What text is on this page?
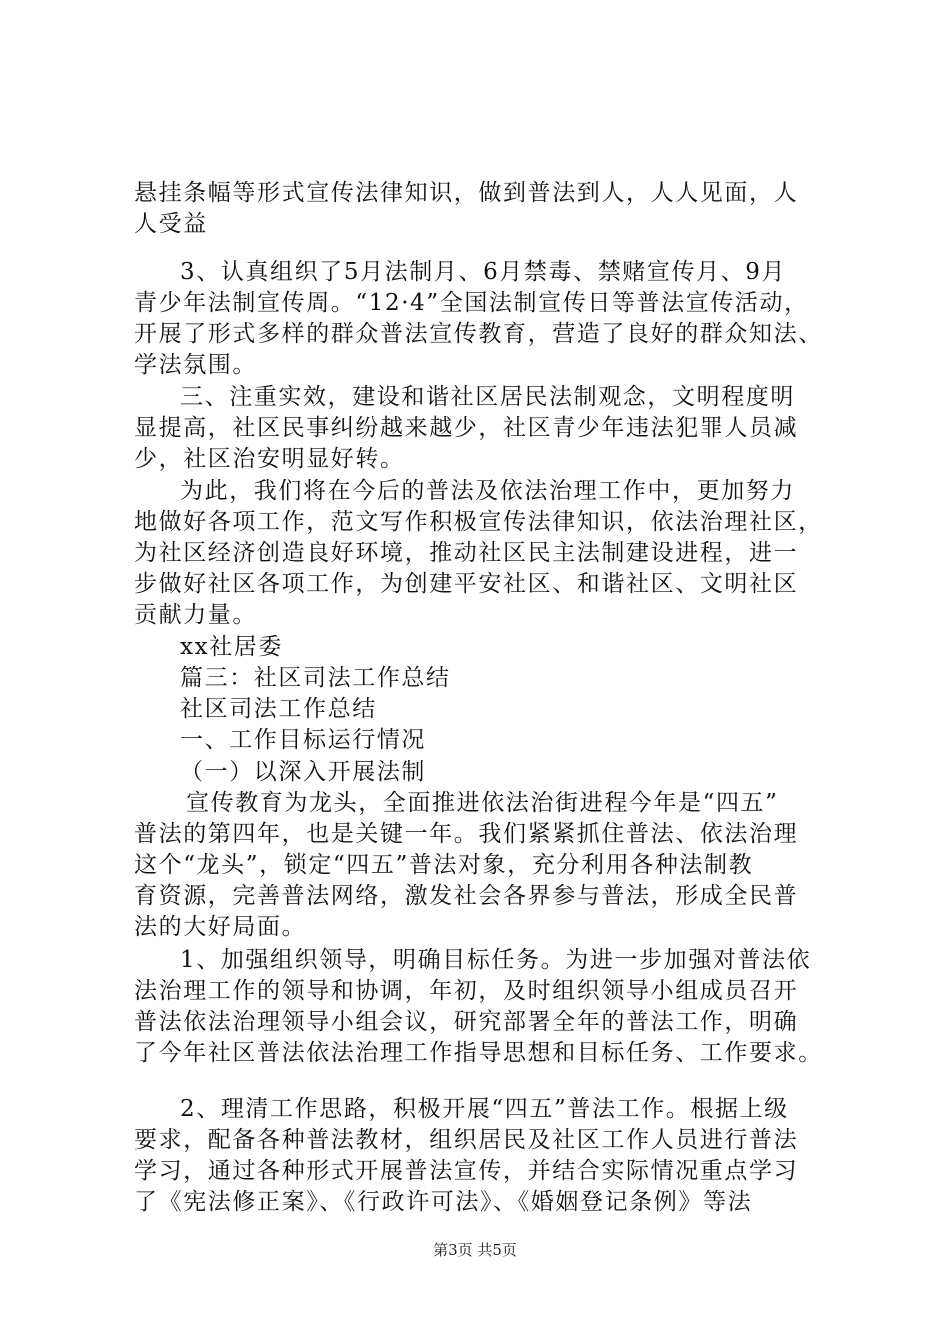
悬挂条幅等形式宣传法律知识，做到普法到人，人人见面，人
人受益
3、认真组织了5月法制月、6月禁毒、禁赌宣传月、9月
青少年法制宣传周。“12·4”全国法制宣传日等普法宣传活动，
开展了形式多样的群众普法宣传教育，营造了良好的群众知法、
学法氛围。
三、注重实效，建设和谐社区居民法制观念，文明程度明
显提高，社区民事纠纷越来越少，社区青少年违法犯罪人员减
少，社区治安明显好转。
为此，我们将在今后的普法及依法治理工作中，更加努力
地做好各项工作，范文写作积极宣传法律知识，依法治理社区，
为社区经济创造良好环境，推动社区民主法制建设进程，进一
步做好社区各项工作，为创建平安社区、和谐社区、文明社区
贡献力量。
xx社居委
篇三：社区司法工作总结
社区司法工作总结
一、工作目标运行情况
（一）以深入开展法制
宣传教育为龙头，全面推进依法治街进程今年是“四五”
普法的第四年，也是关键一年。我们紧紧抓住普法、依法治理
这个“龙头”，锁定“四五”普法对象，充分利用各种法制教
育资源，完善普法网络，激发社会各界参与普法，形成全民普
法的大好局面。
1、加强组织领导，明确目标任务。为进一步加强对普法依
法治理工作的领导和协调，年初，及时组织领导小组成员召开
普法依法治理领导小组会议，研究部署全年的普法工作，明确
了今年社区普法依法治理工作指导思想和目标任务、工作要求。
2、理清工作思路，积极开展“四五”普法工作。根据上级
要求，配备各种普法教材，组织居民及社区工作人员进行普法
学习，通过各种形式开展普法宣传，并结合实际情况重点学习
了《宪法修正案》、《行政许可法》、《婚姻登记条例》等法
第3页 共5页
